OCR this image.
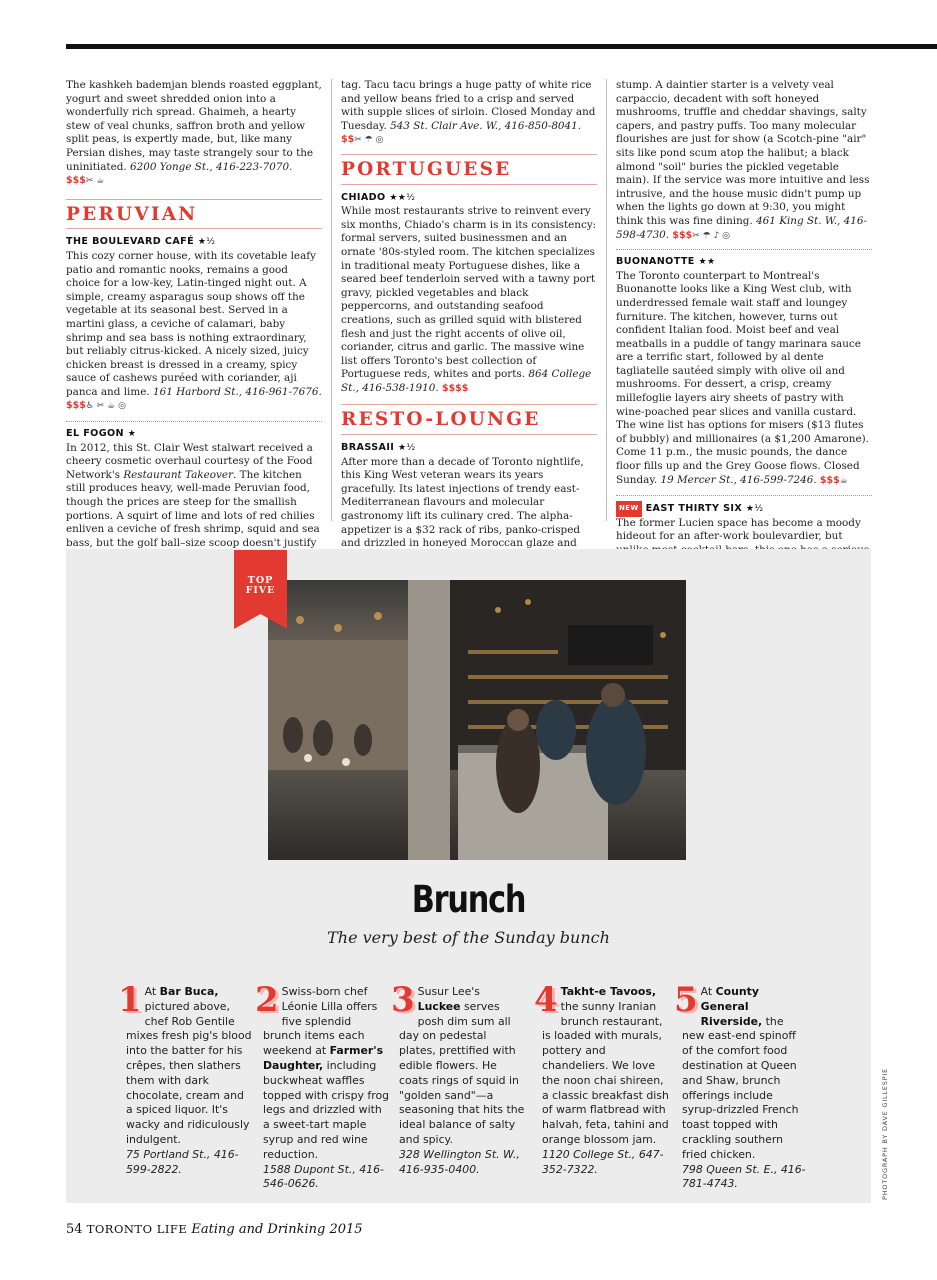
The kashkeh bademjan blends roasted eggplant, yogurt and sweet shredded onion into a wonderfully rich spread. Ghaimeh, a hearty stew of veal chunks, saffron broth and yellow split peas, is expertly made, but, like many Persian dishes, may taste strangely sour to the uninitiated. 6200 Yonge St., 416-223-7070. $$$✂ ☕

PERUVIAN

THE BOULEVARD CAFÉ ★½

This cozy corner house, with its covetable leafy patio and romantic nooks, remains a good choice for a low-key, Latin-tinged night out. A simple, creamy asparagus soup shows off the vegetable at its seasonal best. Served in a martini glass, a ceviche of calamari, baby shrimp and sea bass is nothing extraordinary, but reliably citrus-kicked. A nicely sized, juicy chicken breast is dressed in a creamy, spicy sauce of cashews puréed with coriander, aji panca and lime. 161 Harbord St., 416-961-7676. $$$♿ ✂ ☕ ◎

EL FOGON ★

In 2012, this St. Clair West stalwart received a cheery cosmetic overhaul courtesy of the Food Network's Restaurant Takeover. The kitchen still produces heavy, well-made Peruvian food, though the prices are steep for the smallish portions. A squirt of lime and lots of red chilies enliven a ceviche of fresh shrimp, squid and sea bass, but the golf ball–size scoop doesn't justify

tag. Tacu tacu brings a huge patty of white rice and yellow beans fried to a crisp and served with supple slices of sirloin. Closed Monday and Tuesday. 543 St. Clair Ave. W., 416-850-8041. $$✂ ☂ ◎

PORTUGUESE

CHIADO ★★½

While most restaurants strive to reinvent every six months, Chiado's charm is in its consistency: formal servers, suited businessmen and an ornate '80s-styled room. The kitchen specializes in traditional meaty Portuguese dishes, like a seared beef tenderloin served with a tawny port gravy, pickled vegetables and black peppercorns, and outstanding seafood creations, such as grilled squid with blistered flesh and just the right accents of olive oil, coriander, citrus and garlic. The massive wine list offers Toronto's best collection of Portuguese reds, whites and ports. 864 College St., 416-538-1910. $$$$

RESTO-LOUNGE

BRASSAII ★½

After more than a decade of Toronto nightlife, this King West veteran wears its years gracefully. Its latest injections of trendy east-Mediterranean flavours and molecular gastronomy lift its culinary cred. The alpha-appetizer is a $32 rack of ribs, panko-crisped and drizzled in honeyed Moroccan glaze and

stump. A daintier starter is a velvety veal carpaccio, decadent with soft honeyed mushrooms, truffle and cheddar shavings, salty capers, and pastry puffs. Too many molecular flourishes are just for show (a Scotch-pine "air" sits like pond scum atop the halibut; a black almond "soil" buries the pickled vegetable main). If the service was more intuitive and less intrusive, and the house music didn't pump up when the lights go down at 9:30, you might think this was fine dining. 461 King St. W., 416-598-4730. $$$✂ ☂ ♪ ◎

BUONANOTTE ★★

The Toronto counterpart to Montreal's Buonanotte looks like a King West club, with underdressed female wait staff and loungey furniture. The kitchen, however, turns out confident Italian food. Moist beef and veal meatballs in a puddle of tangy marinara sauce are a terrific start, followed by al dente tagliatelle sautéed simply with olive oil and mushrooms. For dessert, a crisp, creamy millefoglie layers airy sheets of pastry with wine-poached pear slices and vanilla custard. The wine list has options for misers ($13 flutes of bubbly) and millionaires (a $1,200 Amarone). Come 11 p.m., the music pounds, the dance floor fills up and the Grey Goose flows. Closed Sunday. 19 Mercer St., 416-599-7246. $$$☕

NEW EAST THIRTY SIX ★½

The former Lucien space has become a moody hideout for an after-work boulevardier, but

TOP
FIVE
Brunch

The very best of the Sunday bunch

1 At Bar Buca, pictured above, chef Rob Gentile mixes fresh pig's blood into the batter for his crêpes, then slathers them with dark chocolate, cream and a spiced liquor. It's wacky and ridiculously indulgent.
75 Portland St., 416-599-2822.
2 Swiss-born chef Léonie Lilla offers five splendid brunch items each weekend at Farmer's Daughter, including buckwheat waffles topped with crispy frog legs and drizzled with a sweet-tart maple syrup and red wine reduction.
1588 Dupont St., 416-546-0626.
3 Susur Lee's Luckee serves posh dim sum all day on pedestal plates, prettified with edible flowers. He coats rings of squid in "golden sand"—a seasoning that hits the ideal balance of salty and spicy.
328 Wellington St. W., 416-935-0400.
4 Takht-e Tavoos, the sunny Iranian brunch restaurant, is loaded with murals, pottery and chandeliers. We love the noon chai shireen, a classic breakfast dish of warm flatbread with halvah, feta, tahini and orange blossom jam.
1120 College St., 647-352-7322.
5 At County General Riverside, the new east-end spinoff of the comfort food destination at Queen and Shaw, brunch offerings include syrup-drizzled French toast topped with crackling southern fried chicken.
798 Queen St. E., 416-781-4743.	PHOTOGRAPH BY DAVE GILLESPIE
54 TORONTO LIFE Eating and Drinking 2015
